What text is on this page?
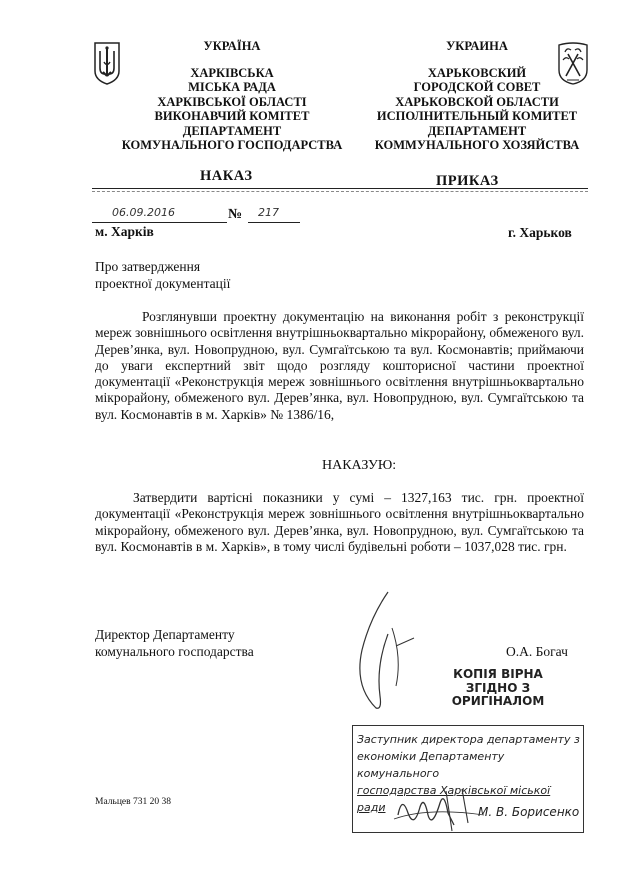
УКРАЇНА
ХАРКІВСЬКА
МІСЬКА РАДА
ХАРКІВСЬКОЇ ОБЛАСТІ
ВИКОНАВЧИЙ КОМІТЕТ
ДЕПАРТАМЕНТ
КОМУНАЛЬНОГО ГОСПОДАРСТВА
УКРАИНА
ХАРЬКОВСКИЙ
ГОРОДСКОЙ СОВЕТ
ХАРЬКОВСКОЙ ОБЛАСТИ
ИСПОЛНИТЕЛЬНЫЙ КОМИТЕТ
ДЕПАРТАМЕНТ
КОММУНАЛЬНОГО ХОЗЯЙСТВА
НАКАЗ	ПРИКАЗ
06.09.2016	№ 217
м. Харків	г. Харьков
Про затвердження
проектної документації

Розглянувши проектну документацію на виконання робіт з реконструкції мереж зовнішнього освітлення внутрішньоквартально мікрорайону, обмеженого вул. Дерев’янка, вул. Новопрудною, вул. Сумгаїтською та вул. Космонавтів; приймаючи до уваги експертний звіт щодо розгляду кошторисної частини проектної документації «Реконструкція мереж зовнішнього освітлення внутрішньоквартально мікрорайону, обмеженого вул. Дерев’янка, вул. Новопрудною, вул. Сумгаїтською та вул. Космонавтів в м. Харків» № 1386/16,

НАКАЗУЮ:

Затвердити вартісні показники у сумі – 1327,163 тис. грн. проектної документації «Реконструкція мереж зовнішнього освітлення внутрішньоквартально мікрорайону, обмеженого вул. Дерев’янка, вул. Новопрудною, вул. Сумгаїтською та вул. Космонавтів в м. Харків», в тому числі будівельні роботи – 1037,028 тис. грн.

Директор Департаменту
комунального господарства	О.А. Богач
КОПІЯ ВІРНА
ЗГІДНО З
ОРИГІНАЛОМ
Заступник директора департаменту з
економіки Департаменту комунального
господарства Харківської міської ради	М. В. Борисенко
Мальцев 731 20 38
